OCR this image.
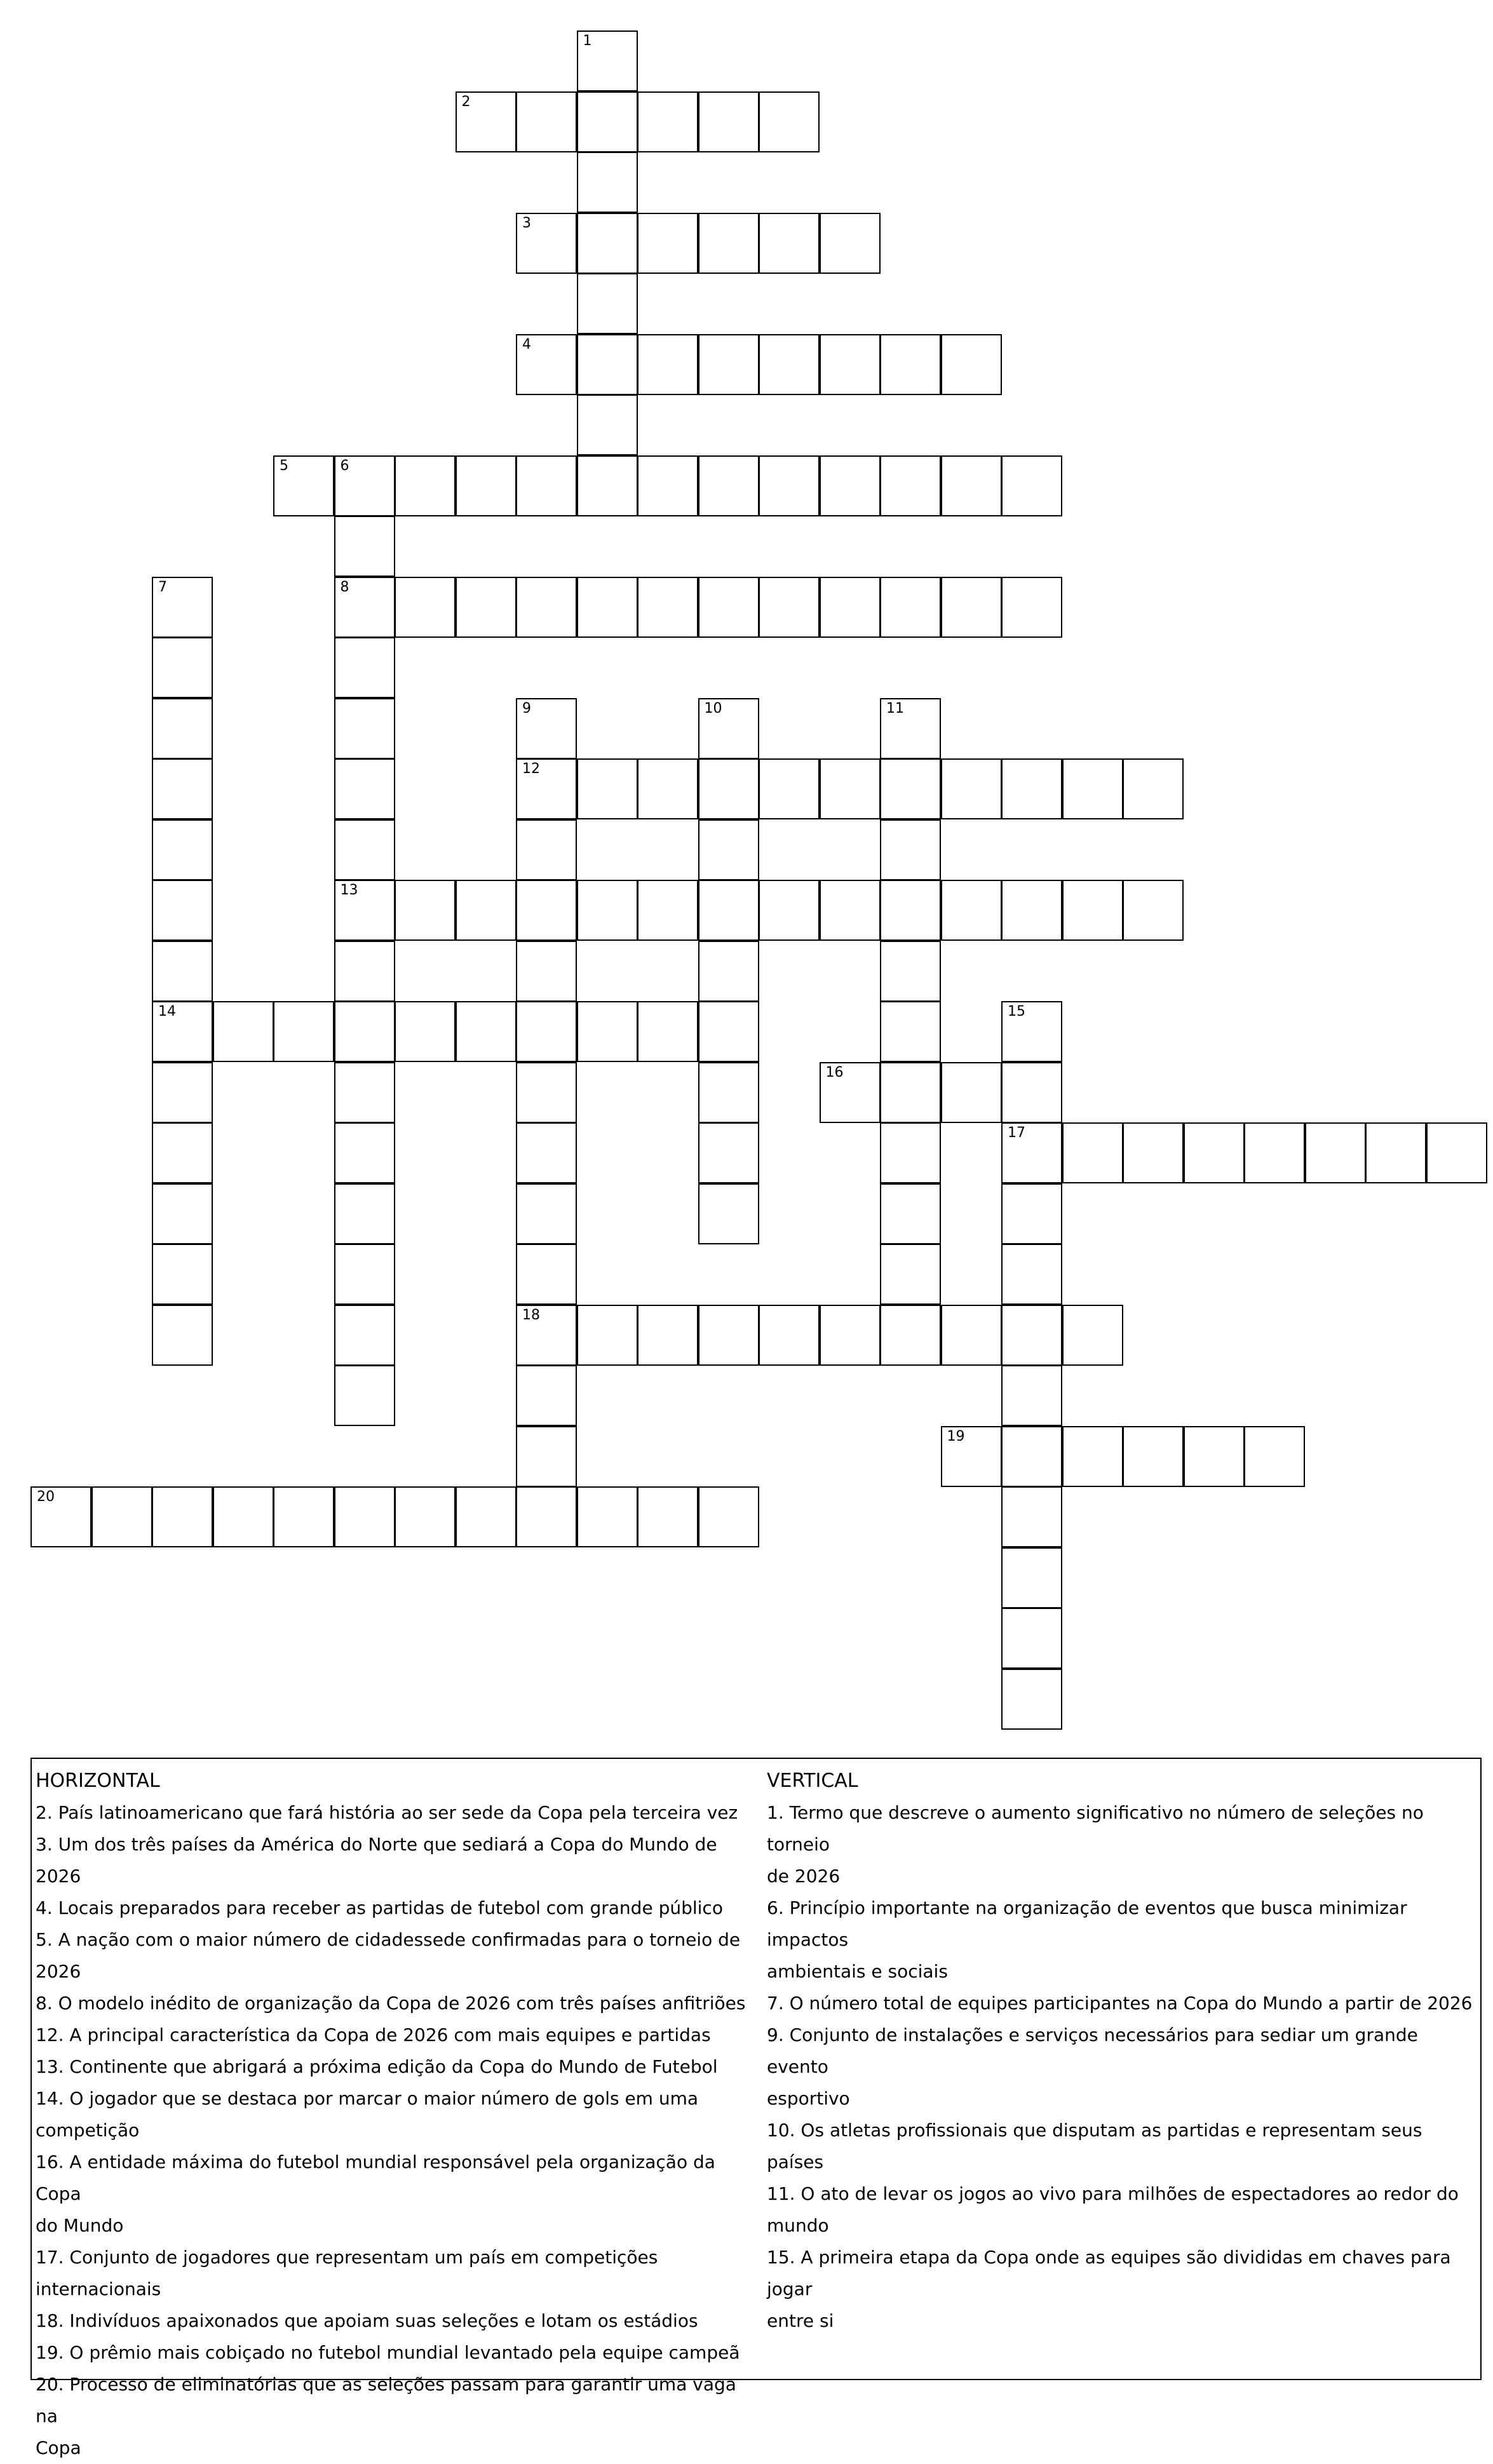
1
2
3
4
5	6
8
13
7
14
9
12
18
10	11
15
17
16
19
20
HORIZONTAL
2. País latinoamericano que fará história ao ser sede da Copa pela terceira vez
3. Um dos três países da América do Norte que sediará a Copa do Mundo de 2026
4. Locais preparados para receber as partidas de futebol com grande público
5. A nação com o maior número de cidadessede confirmadas para o torneio de
2026
8. O modelo inédito de organização da Copa de 2026 com três países anfitriões
12. A principal característica da Copa de 2026 com mais equipes e partidas
13. Continente que abrigará a próxima edição da Copa do Mundo de Futebol
14. O jogador que se destaca por marcar o maior número de gols em uma
competição
16. A entidade máxima do futebol mundial responsável pela organização da Copa
do Mundo
17. Conjunto de jogadores que representam um país em competições
internacionais
18. Indivíduos apaixonados que apoiam suas seleções e lotam os estádios
19. O prêmio mais cobiçado no futebol mundial levantado pela equipe campeã
20. Processo de eliminatórias que as seleções passam para garantir uma vaga na
Copa
VERTICAL
1. Termo que descreve o aumento significativo no número de seleções no torneio
de 2026
6. Princípio importante na organização de eventos que busca minimizar impactos
ambientais e sociais
7. O número total de equipes participantes na Copa do Mundo a partir de 2026
9. Conjunto de instalações e serviços necessários para sediar um grande evento
esportivo
10. Os atletas profissionais que disputam as partidas e representam seus países
11. O ato de levar os jogos ao vivo para milhões de espectadores ao redor do
mundo
15. A primeira etapa da Copa onde as equipes são divididas em chaves para jogar
entre si
